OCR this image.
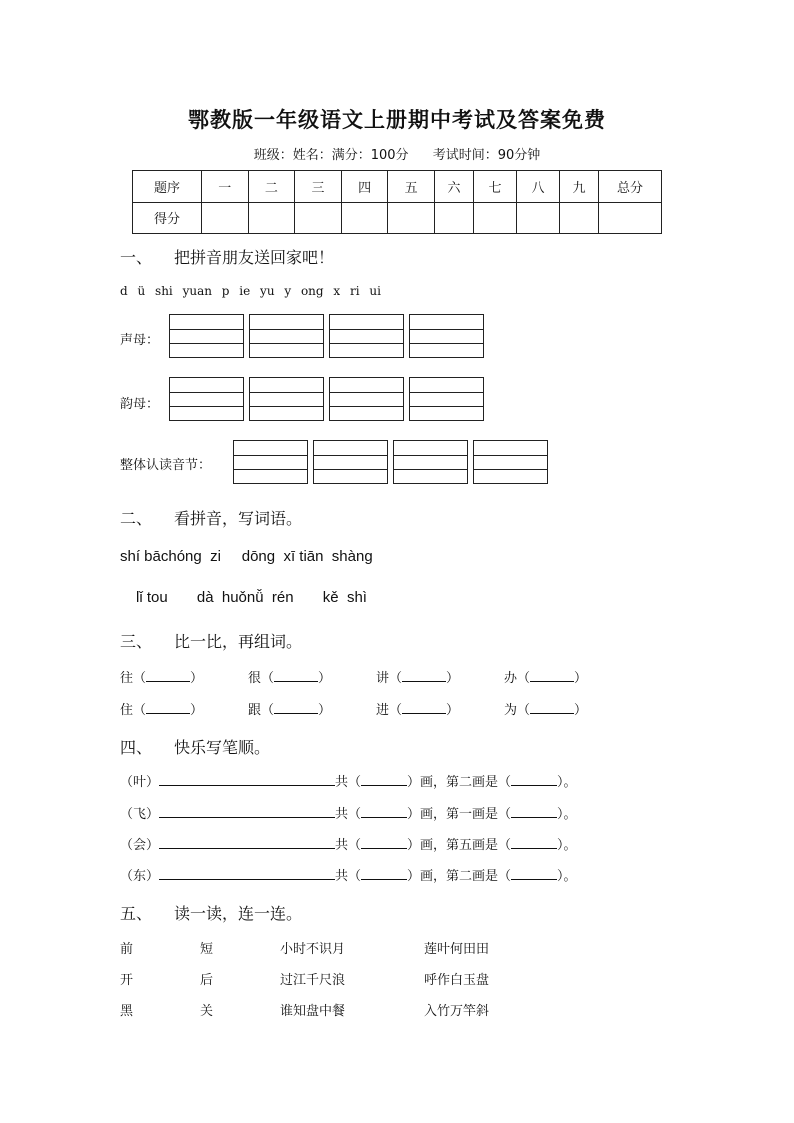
鄂教版一年级语文上册期中考试及答案免费
班级：姓名：满分：100分 考试时间：90分钟
题序	一	二	三	四	五	六	七	八	九	总分
得分										
一、 把拼音朋友送回家吧！
d ü shi yuan p ie yu y ong x ri ui
声母：
韵母：
整体认读音节：
二、 看拼音，写词语。
shí bāchóng  zi     dōng  xī tiān  shàng
lǐ tou       dà  huǒnǚ  rén       kě  shì
三、 比一比，再组词。
往（	）	很（	）	讲（	）	办（	）
住（	）	跟（	）	进（	）	为（	）
四、 快乐写笔顺。
（叶）	共（	）画，第二画是（	）。
（飞）	共（	）画，第一画是（	）。
（会）	共（	）画，第五画是（	）。
（东）	共（	）画，第二画是（	）。
五、 读一读，连一连。
前	短	小时不识月	莲叶何田田
开	后	过江千尺浪	呼作白玉盘
黑	关	谁知盘中餐	入竹万竿斜
